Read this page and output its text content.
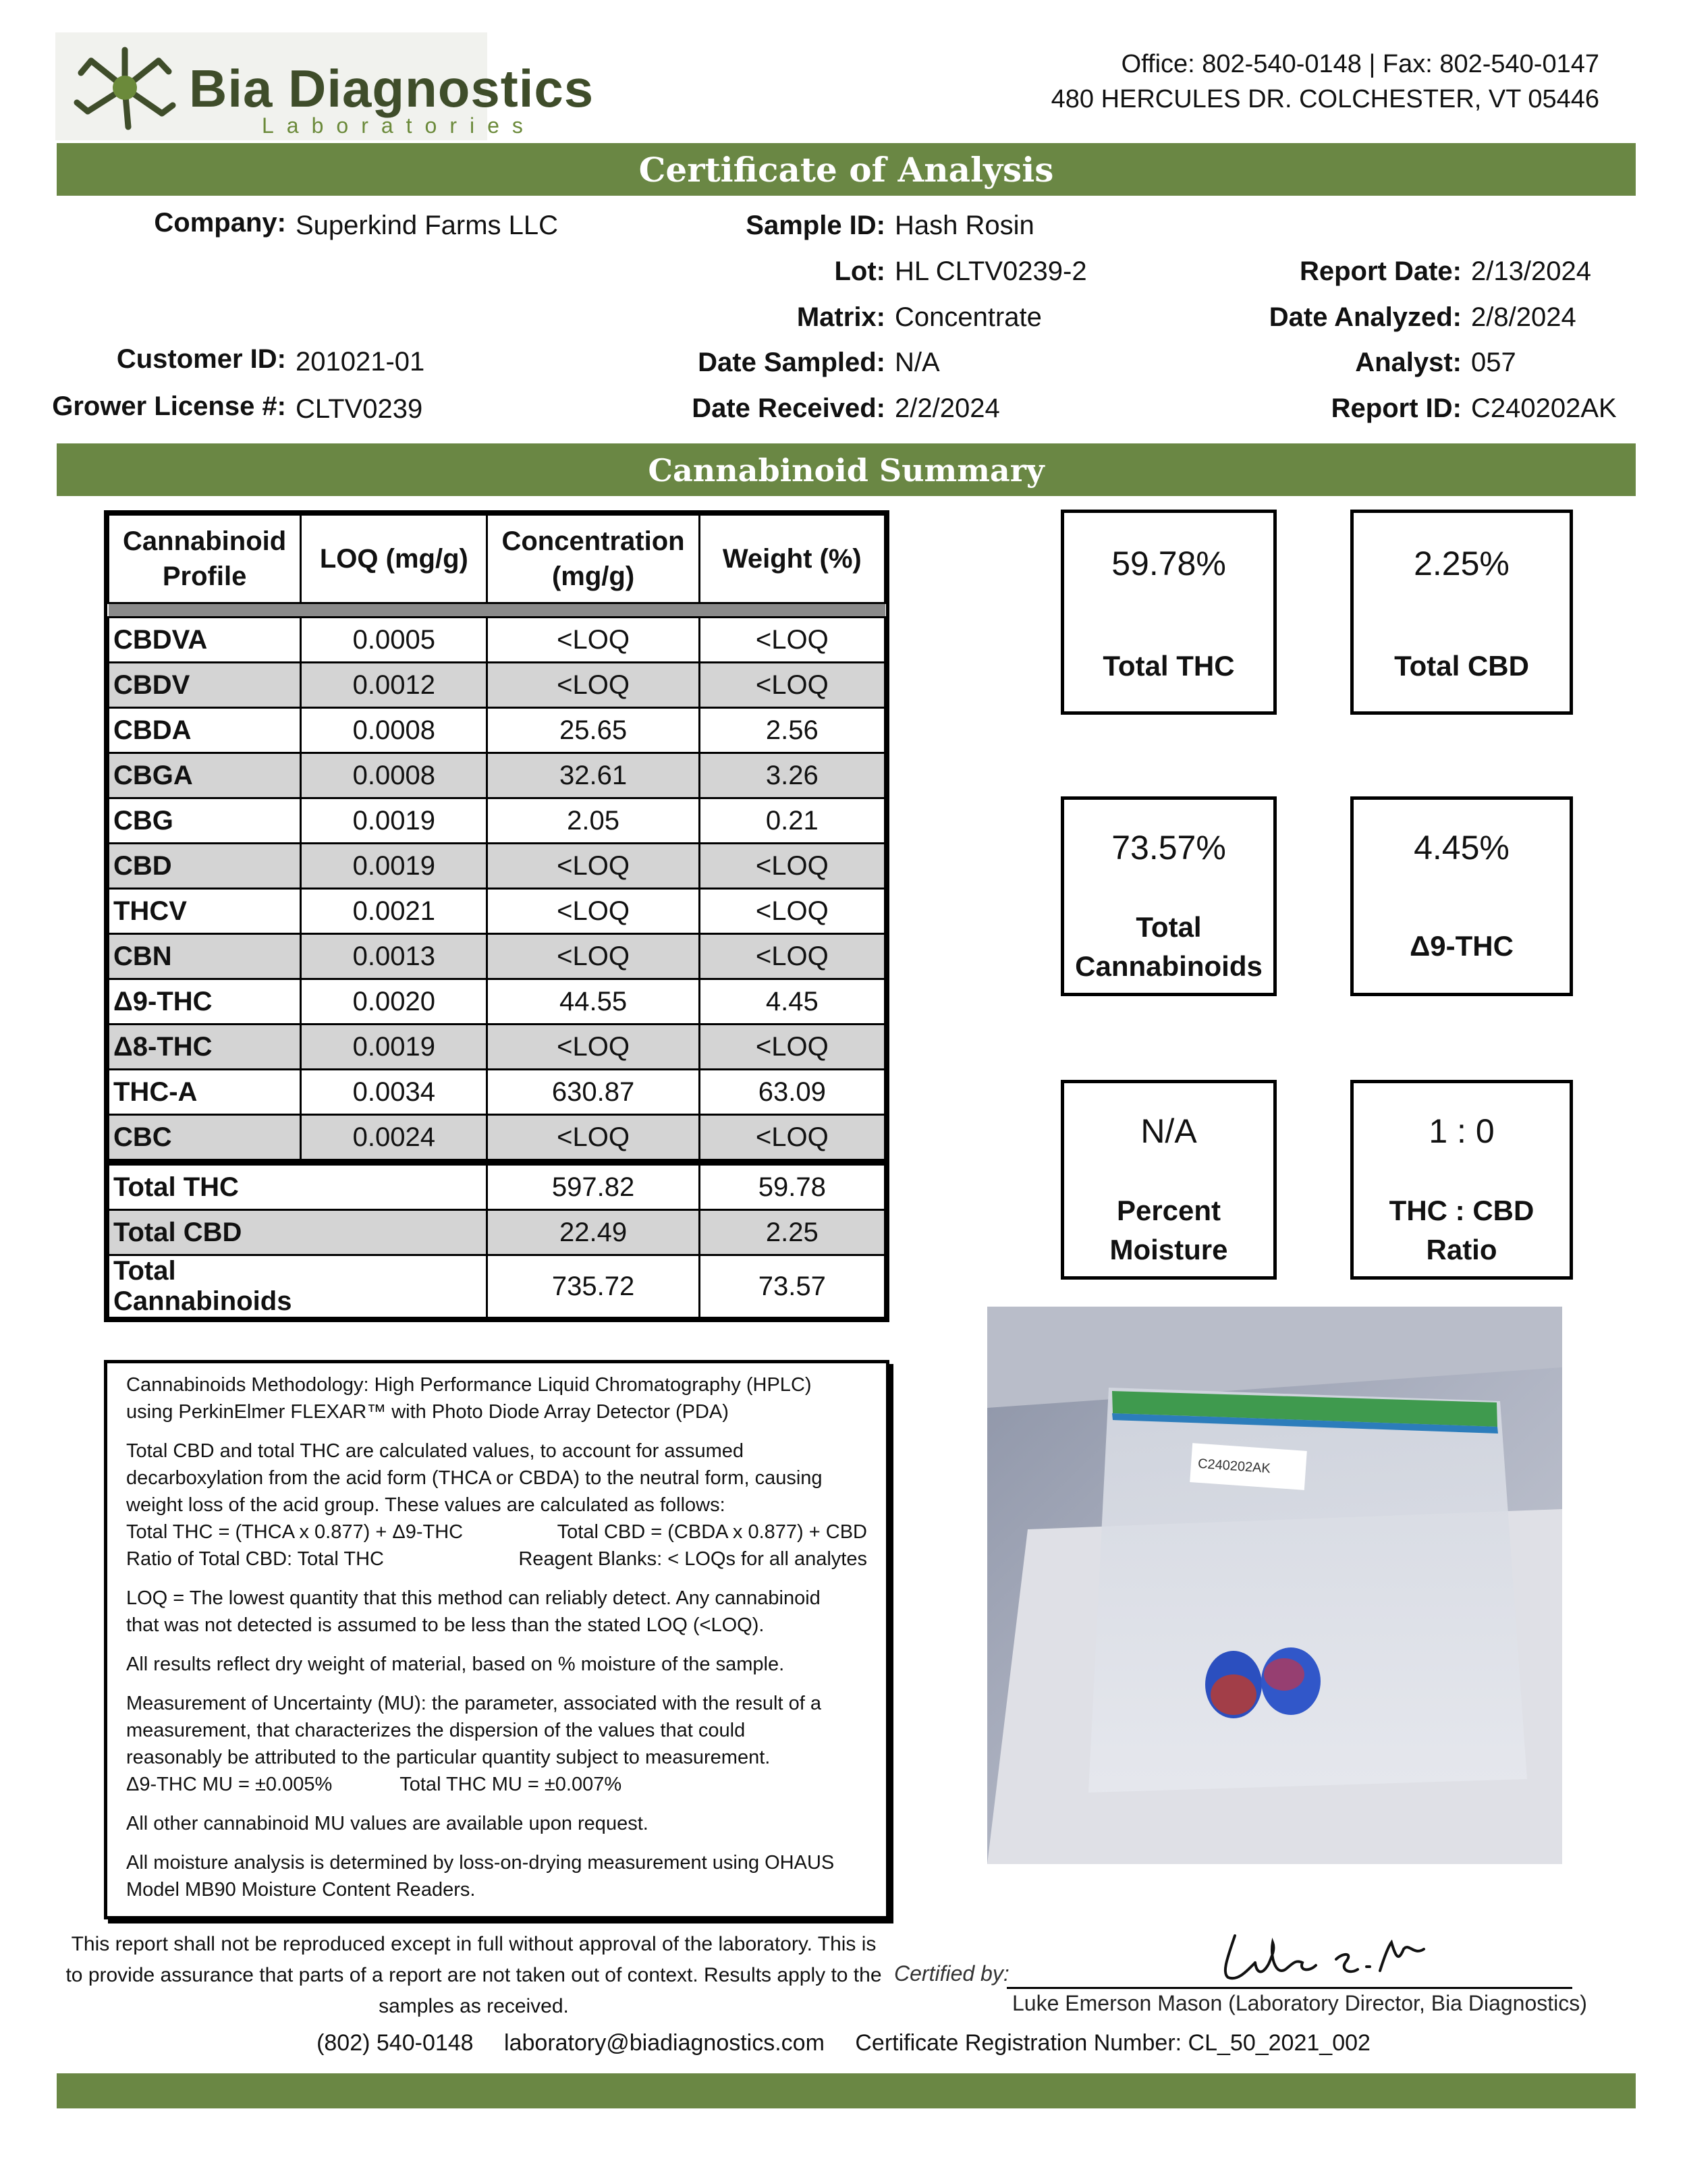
Bia Diagnostics
Laboratories
Office: 802-540-0148 | Fax: 802-540-0147
480 HERCULES DR. COLCHESTER, VT 05446
Certificate of Analysis
Company: Superkind Farms LLC
Customer ID: 201021-01
Grower License #: CLTV0239
Sample ID: Hash Rosin
Lot: HL CLTV0239-2
Matrix: Concentrate
Date Sampled: N/A
Date Received: 2/2/2024
Report Date: 2/13/2024
Date Analyzed: 2/8/2024
Analyst: 057
Report ID: C240202AK
Cannabinoid Summary
Cannabinoid Profile	LOQ (mg/g)	Concentration (mg/g)	Weight (%)

CBDVA	0.0005	<LOQ	<LOQ
CBDV	0.0012	<LOQ	<LOQ
CBDA	0.0008	25.65	2.56
CBGA	0.0008	32.61	3.26
CBG	0.0019	2.05	0.21
CBD	0.0019	<LOQ	<LOQ
THCV	0.0021	<LOQ	<LOQ
CBN	0.0013	<LOQ	<LOQ
Δ9-THC	0.0020	44.55	4.45
Δ8-THC	0.0019	<LOQ	<LOQ
THC-A	0.0034	630.87	63.09
CBC	0.0024	<LOQ	<LOQ
Total THC		597.82	59.78
Total CBD		22.49	2.25
Total Cannabinoids		735.72	73.57
59.78%
Total THC
2.25%
Total CBD
73.57%
Total
Cannabinoids
4.45%
Δ9-THC
N/A
Percent
Moisture
1 : 0
THC : CBD
Ratio
C240202AK

Cannabinoids Methodology: High Performance Liquid Chromatography (HPLC)
using PerkinElmer FLEXAR™ with Photo Diode Array Detector (PDA)

Total CBD and total THC are calculated values, to account for assumed
decarboxylation from the acid form (THCA or CBDA) to the neutral form, causing
weight loss of the acid group. These values are calculated as follows:
Total THC = (THCA x 0.877) + Δ9-THC	Total CBD = (CBDA x 0.877) + CBD
Ratio of Total CBD: Total THC	Reagent Blanks: < LOQs for all analytes

LOQ = The lowest quantity that this method can reliably detect. Any cannabinoid
that was not detected is assumed to be less than the stated LOQ (<LOQ).

All results reflect dry weight of material, based on % moisture of the sample.

Measurement of Uncertainty (MU): the parameter, associated with the result of a
measurement, that characterizes the dispersion of the values that could
reasonably be attributed to the particular quantity subject to measurement.
Δ9-THC MU = ±0.005%	Total THC MU = ±0.007%

All other cannabinoid MU values are available upon request.

All moisture analysis is determined by loss-on-drying measurement using OHAUS
Model MB90 Moisture Content Readers.

This report shall not be reproduced except in full without approval of the laboratory. This is
to provide assurance that parts of a report are not taken out of context. Results apply to the
samples as received.
Certified by:
Luke Emerson Mason (Laboratory Director, Bia Diagnostics)
(802) 540-0148 laboratory@biadiagnostics.com Certificate Registration Number: CL_50_2021_002
